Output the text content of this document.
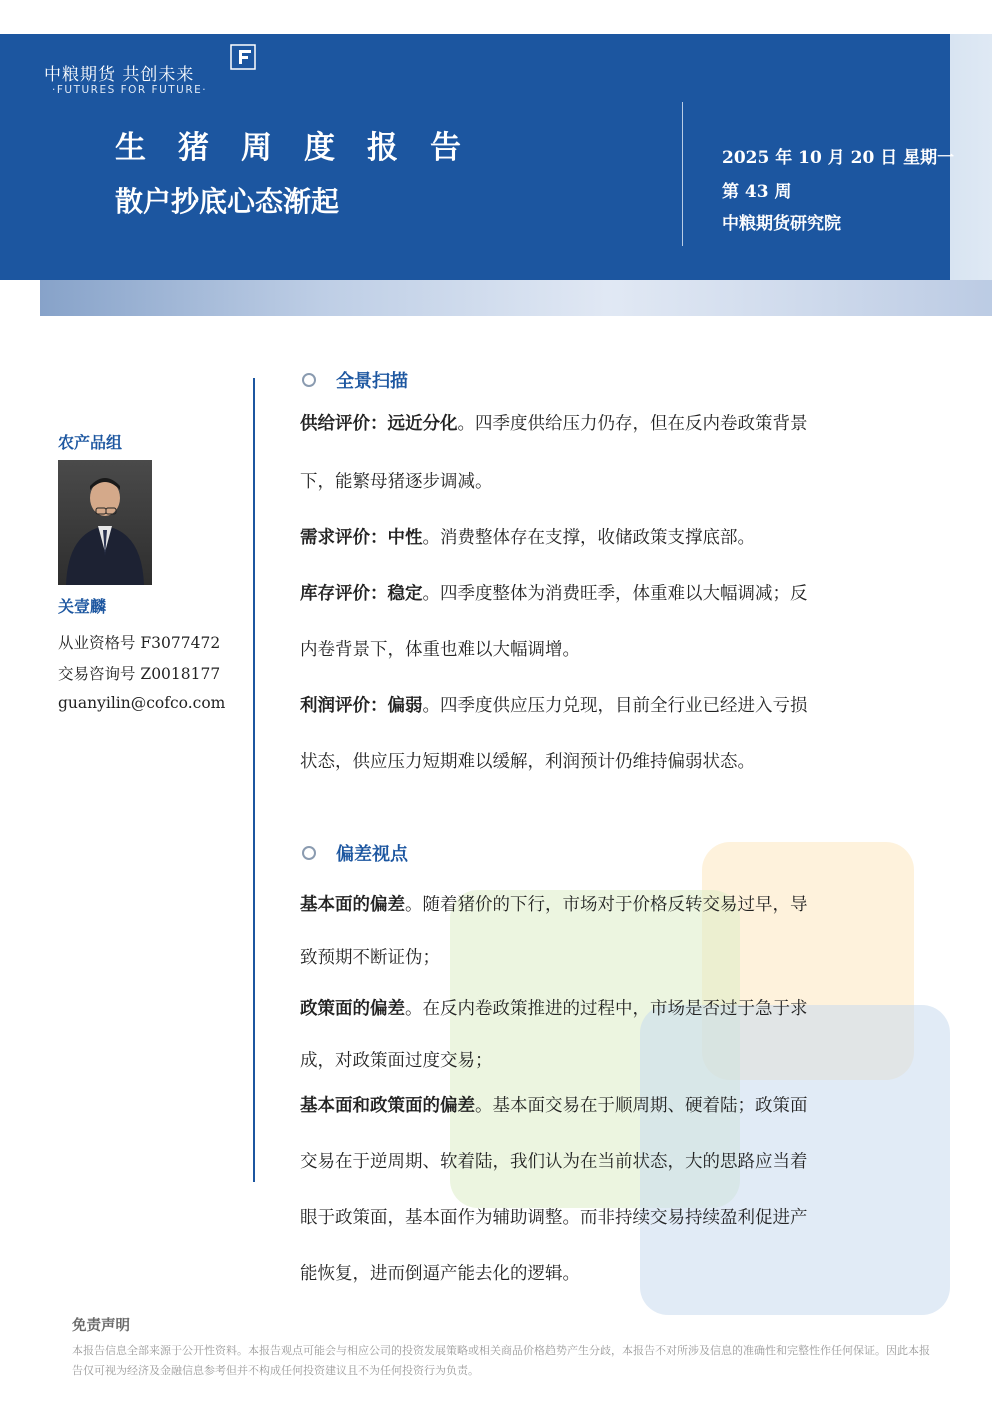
中粮期货 共创未来
·FUTURES FOR FUTURE·
生猪周度报告
散户抄底心态渐起
2025 年 10 月 20 日 星期一
第 43 周
中粮期货研究院
农产品组
关壹麟
从业资格号 F3077472
交易咨询号 Z0018177
guanyilin@cofco.com
全景扫描
供给评价：远近分化。四季度供给压力仍存，但在反内卷政策背景
下，能繁母猪逐步调减。
需求评价：中性。消费整体存在支撑，收储政策支撑底部。
库存评价：稳定。四季度整体为消费旺季，体重难以大幅调减；反
内卷背景下，体重也难以大幅调增。
利润评价：偏弱。四季度供应压力兑现，目前全行业已经进入亏损
状态，供应压力短期难以缓解，利润预计仍维持偏弱状态。
偏差视点
基本面的偏差。随着猪价的下行，市场对于价格反转交易过早，导
致预期不断证伪；
政策面的偏差。在反内卷政策推进的过程中，市场是否过于急于求
成，对政策面过度交易；
基本面和政策面的偏差。基本面交易在于顺周期、硬着陆；政策面
交易在于逆周期、软着陆，我们认为在当前状态，大的思路应当着
眼于政策面，基本面作为辅助调整。而非持续交易持续盈利促进产
能恢复，进而倒逼产能去化的逻辑。
免责声明
本报告信息全部来源于公开性资料。本报告观点可能会与相应公司的投资发展策略或相关商品价格趋势产生分歧，本报告不对所涉及信息的准确性和完整性作任何保证。因此本报告仅可视为经济及金融信息参考但并不构成任何投资建议且不为任何投资行为负责。
